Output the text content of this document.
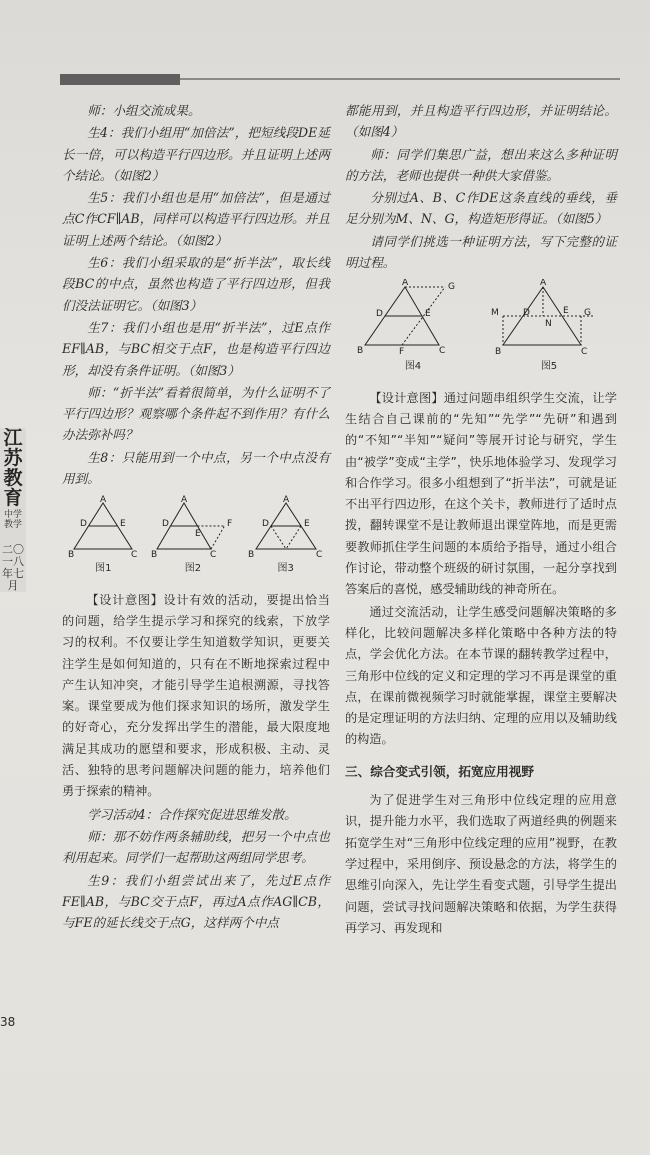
江苏教育
中学教学
二〇一八年七月
38

师：小组交流成果。

生4：我们小组用“加倍法”，把短线段DE延长一倍，可以构造平行四边形。并且证明上述两个结论。（如图2）

生5：我们小组也是用“加倍法”，但是通过点C作CF∥AB，同样可以构造平行四边形。并且证明上述两个结论。（如图2）

生6：我们小组采取的是“折半法”，取长线段BC的中点，虽然也构造了平行四边形，但我们没法证明它。（如图3）

生7：我们小组也是用“折半法”，过E点作EF∥AB，与BC相交于点F，也是构造平行四边形，却没有条件证明。（如图3）

师：“折半法”看着很简单，为什么证明不了平行四边形？观察哪个条件起不到作用？有什么办法弥补吗？

生8：只能用到一个中点，另一个中点没有用到。

A
D	E
B	C
图1
A
D
E
F
B	C
图2
A
D	E
B	C
图3

【设计意图】设计有效的活动，要提出恰当的问题，给学生提示学习和探究的线索，下放学习的权利。不仅要让学生知道数学知识，更要关注学生是如何知道的，只有在不断地探索过程中产生认知冲突，才能引导学生追根溯源，寻找答案。课堂要成为他们探求知识的场所，激发学生的好奇心，充分发挥出学生的潜能，最大限度地满足其成功的愿望和要求，形成积极、主动、灵活、独特的思考问题解决问题的能力，培养他们勇于探索的精神。

学习活动4：合作探究促进思维发散。

师：那不妨作两条辅助线，把另一个中点也利用起来。同学们一起帮助这两组同学思考。

生9：我们小组尝试出来了，先过E点作FE∥AB，与BC交于点F，再过A点作AG∥CB，与FE的延长线交于点G，这样两个中点

都能用到，并且构造平行四边形，并证明结论。（如图4）

师：同学们集思广益，想出来这么多种证明的方法，老师也提供一种供大家借鉴。

分别过A、B、C作DE这条直线的垂线，垂足分别为M、N、G，构造矩形得证。（如图5）

请同学们挑选一种证明方法，写下完整的证明过程。

A	G
D	E
B	F	C
图4
A
M	D
N
E G
B	C
图5

【设计意图】通过问题串组织学生交流，让学生结合自己课前的“先知”“先学”“先研”和遇到的“不知”“半知”“疑问”等展开讨论与研究，学生由“被学”变成“主学”，快乐地体验学习、发现学习和合作学习。很多小组想到了“折半法”，可就是证不出平行四边形，在这个关卡，教师进行了适时点拨，翻转课堂不是让教师退出课堂阵地，而是更需要教师抓住学生问题的本质给予指导，通过小组合作讨论，带动整个班级的研讨氛围，一起分享找到答案后的喜悦，感受辅助线的神奇所在。

通过交流活动，让学生感受问题解决策略的多样化，比较问题解决多样化策略中各种方法的特点，学会优化方法。在本节课的翻转教学过程中，三角形中位线的定义和定理的学习不再是课堂的重点，在课前微视频学习时就能掌握，课堂主要解决的是定理证明的方法归纳、定理的应用以及辅助线的构造。

三、综合变式引领，拓宽应用视野

为了促进学生对三角形中位线定理的应用意识，提升能力水平，我们选取了两道经典的例题来拓宽学生对“三角形中位线定理的应用”视野，在教学过程中，采用倒序、预设悬念的方法，将学生的思维引向深入，先让学生看变式题，引导学生提出问题，尝试寻找问题解决策略和依据，为学生获得再学习、再发现和
